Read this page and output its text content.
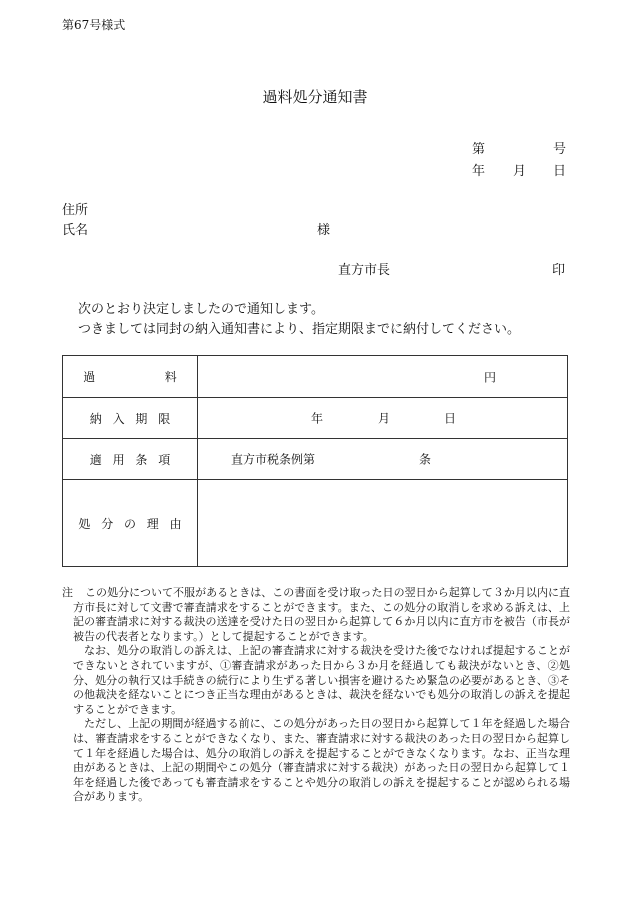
第67号様式
過料処分通知書
第	号
年 月 日
住所
氏名	様
直方市長	印
次のとおり決定しましたので通知します。
つきましては同封の納入通知書により、指定期限までに納付してください。
過　料	円

納入期限	年 月 日

適用条項	直方市税条例第 条

処分の理由	

注 この処分について不服があるときは、この書面を受け取った日の翌日から起算して３か月以内に直方市長に対して文書で審査請求をすることができます。また、この処分の取消しを求める訴えは、上記の審査請求に対する裁決の送達を受けた日の翌日から起算して６か月以内に直方市を被告（市長が被告の代表者となります。）として提起することができます。

なお、処分の取消しの訴えは、上記の審査請求に対する裁決を受けた後でなければ提起することができないとされていますが、①審査請求があった日から３か月を経過しても裁決がないとき、②処分、処分の執行又は手続きの続行により生ずる著しい損害を避けるため緊急の必要があるとき、③その他裁決を経ないことにつき正当な理由があるときは、裁決を経ないでも処分の取消しの訴えを提起することができます。

ただし、上記の期間が経過する前に、この処分があった日の翌日から起算して１年を経過した場合は、審査請求をすることができなくなり、また、審査請求に対する裁決のあった日の翌日から起算して１年を経過した場合は、処分の取消しの訴えを提起することができなくなります。なお、正当な理由があるときは、上記の期間やこの処分（審査請求に対する裁決）があった日の翌日から起算して１年を経過した後であっても審査請求をすることや処分の取消しの訴えを提起することが認められる場合があります。
